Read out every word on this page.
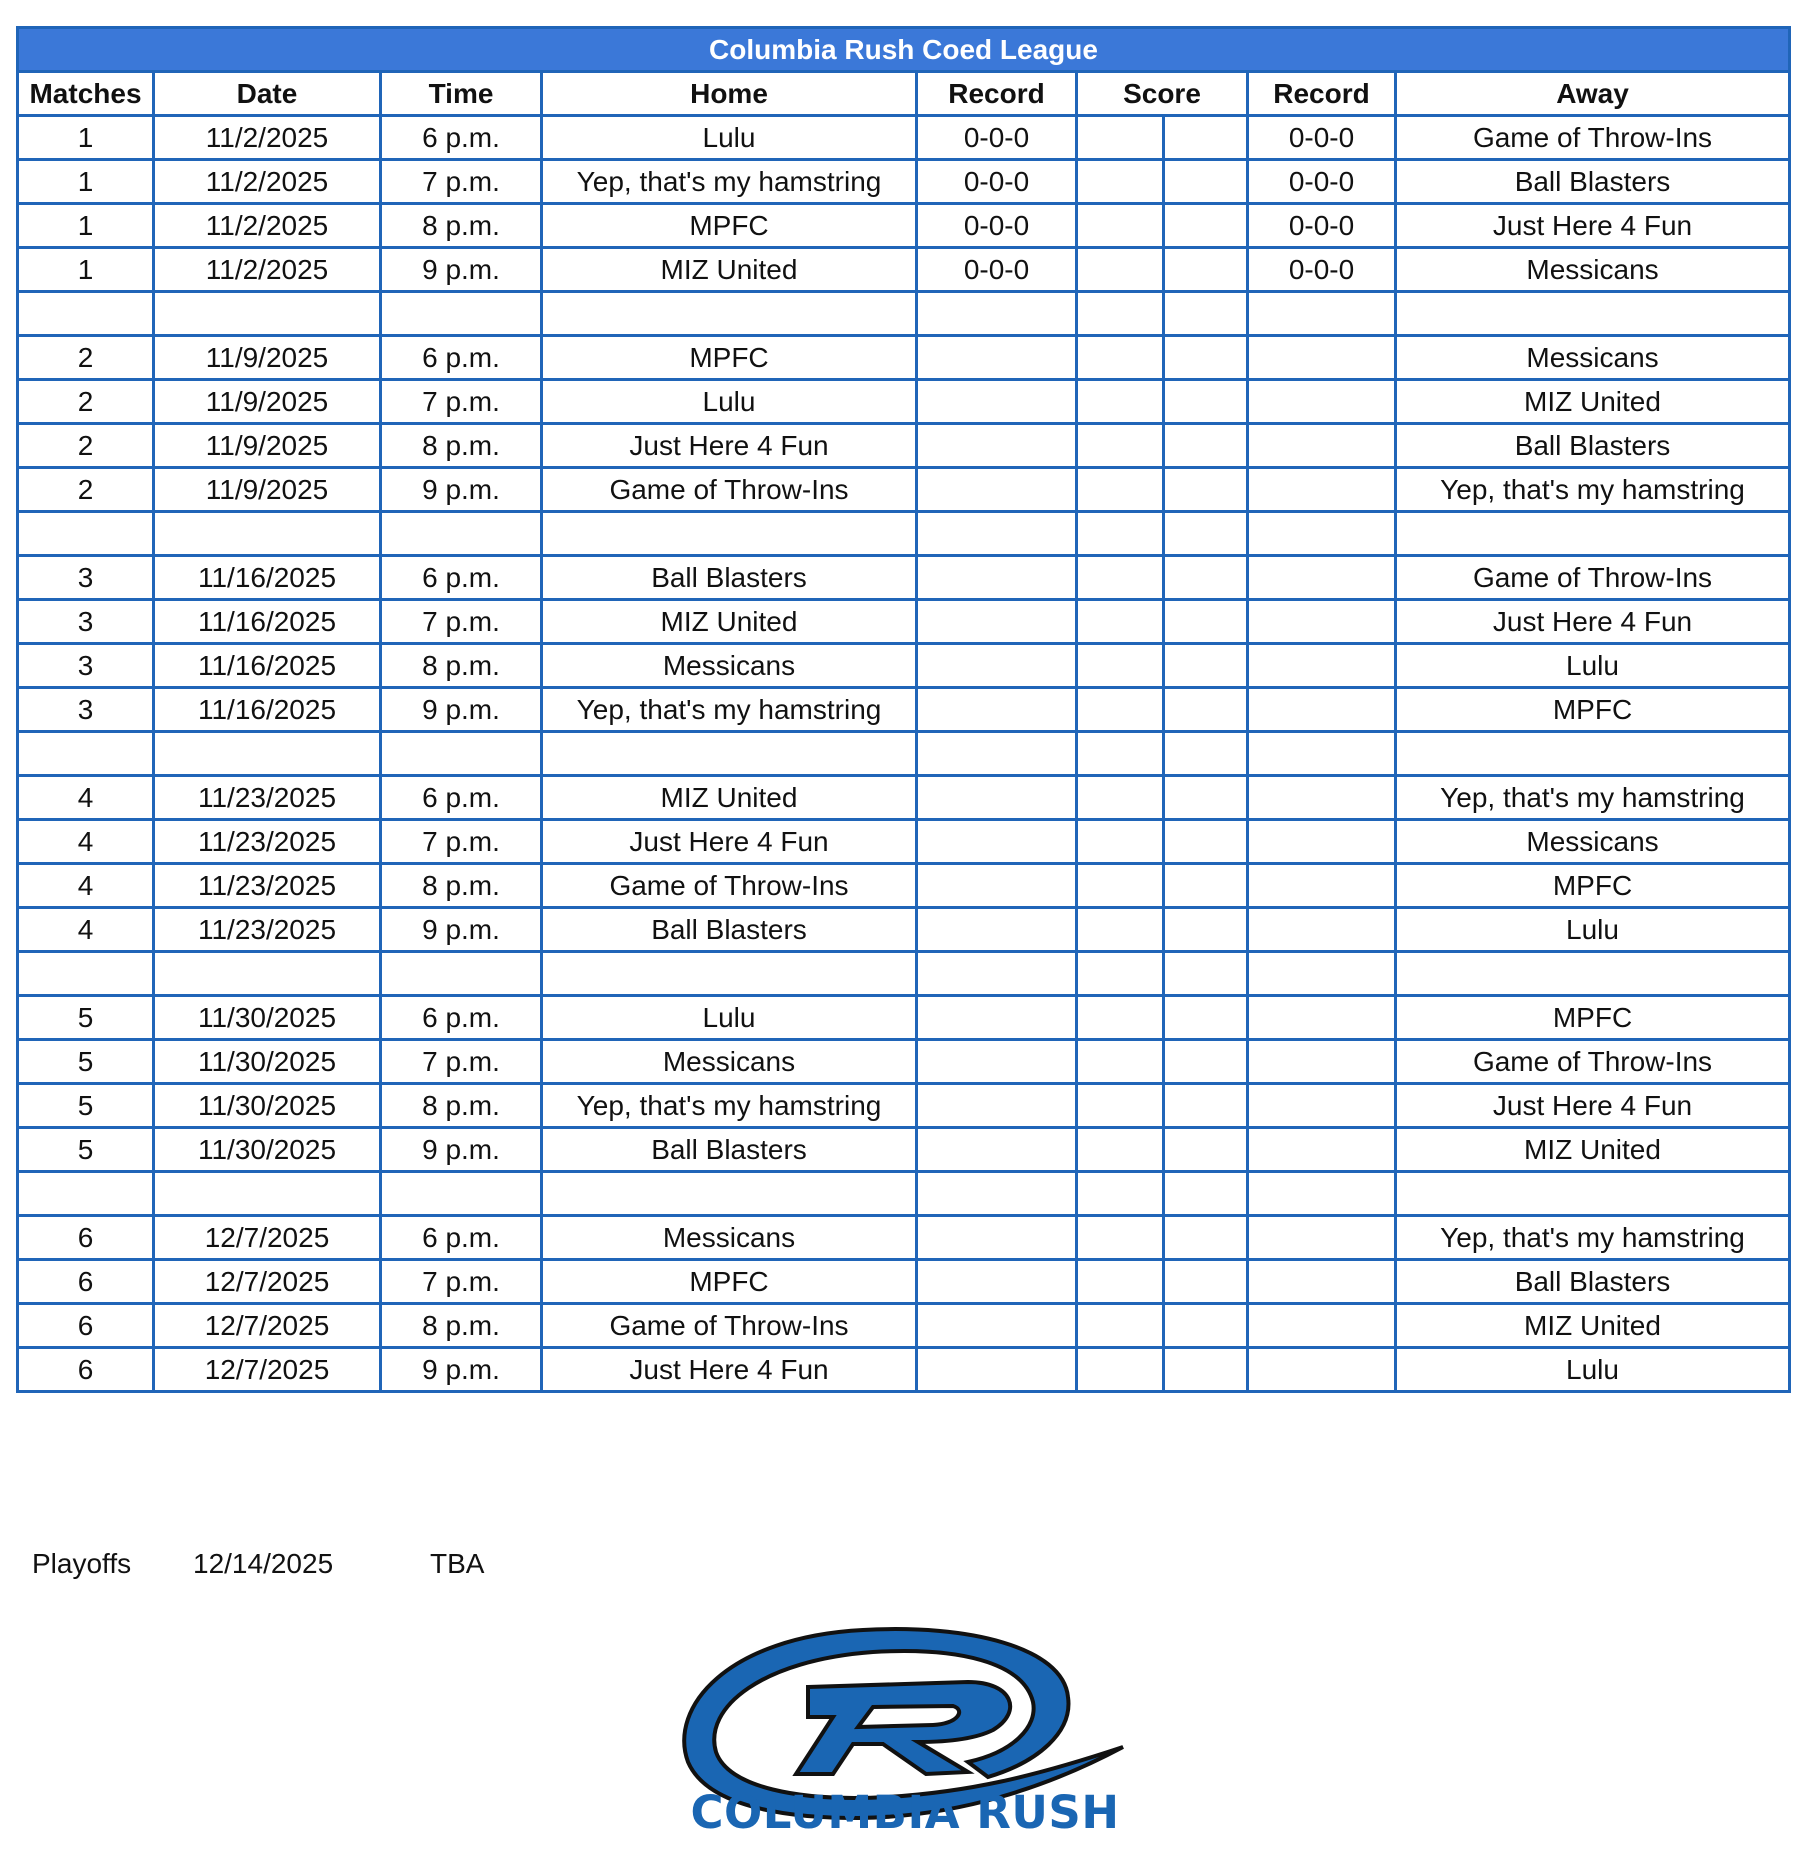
Columbia Rush Coed League								
Matches	Date	Time	Home	Record	Score		Record	Away
1	11/2/2025	6 p.m.	Lulu	0-0-0			0-0-0	Game of Throw-Ins
1	11/2/2025	7 p.m.	Yep, that's my hamstring	0-0-0			0-0-0	Ball Blasters
1	11/2/2025	8 p.m.	MPFC	0-0-0			0-0-0	Just Here 4 Fun
1	11/2/2025	9 p.m.	MIZ United	0-0-0			0-0-0	Messicans

2	11/9/2025	6 p.m.	MPFC					Messicans
2	11/9/2025	7 p.m.	Lulu					MIZ United
2	11/9/2025	8 p.m.	Just Here 4 Fun					Ball Blasters
2	11/9/2025	9 p.m.	Game of Throw-Ins					Yep, that's my hamstring

3	11/16/2025	6 p.m.	Ball Blasters					Game of Throw-Ins
3	11/16/2025	7 p.m.	MIZ United					Just Here 4 Fun
3	11/16/2025	8 p.m.	Messicans					Lulu
3	11/16/2025	9 p.m.	Yep, that's my hamstring					MPFC

4	11/23/2025	6 p.m.	MIZ United					Yep, that's my hamstring
4	11/23/2025	7 p.m.	Just Here 4 Fun					Messicans
4	11/23/2025	8 p.m.	Game of Throw-Ins					MPFC
4	11/23/2025	9 p.m.	Ball Blasters					Lulu

5	11/30/2025	6 p.m.	Lulu					MPFC
5	11/30/2025	7 p.m.	Messicans					Game of Throw-Ins
5	11/30/2025	8 p.m.	Yep, that's my hamstring					Just Here 4 Fun
5	11/30/2025	9 p.m.	Ball Blasters					MIZ United

6	12/7/2025	6 p.m.	Messicans					Yep, that's my hamstring
6	12/7/2025	7 p.m.	MPFC					Ball Blasters
6	12/7/2025	8 p.m.	Game of Throw-Ins					MIZ United
6	12/7/2025	9 p.m.	Just Here 4 Fun					Lulu
Playoffs 12/14/2025	TBA
COLUMBIA RUSH
